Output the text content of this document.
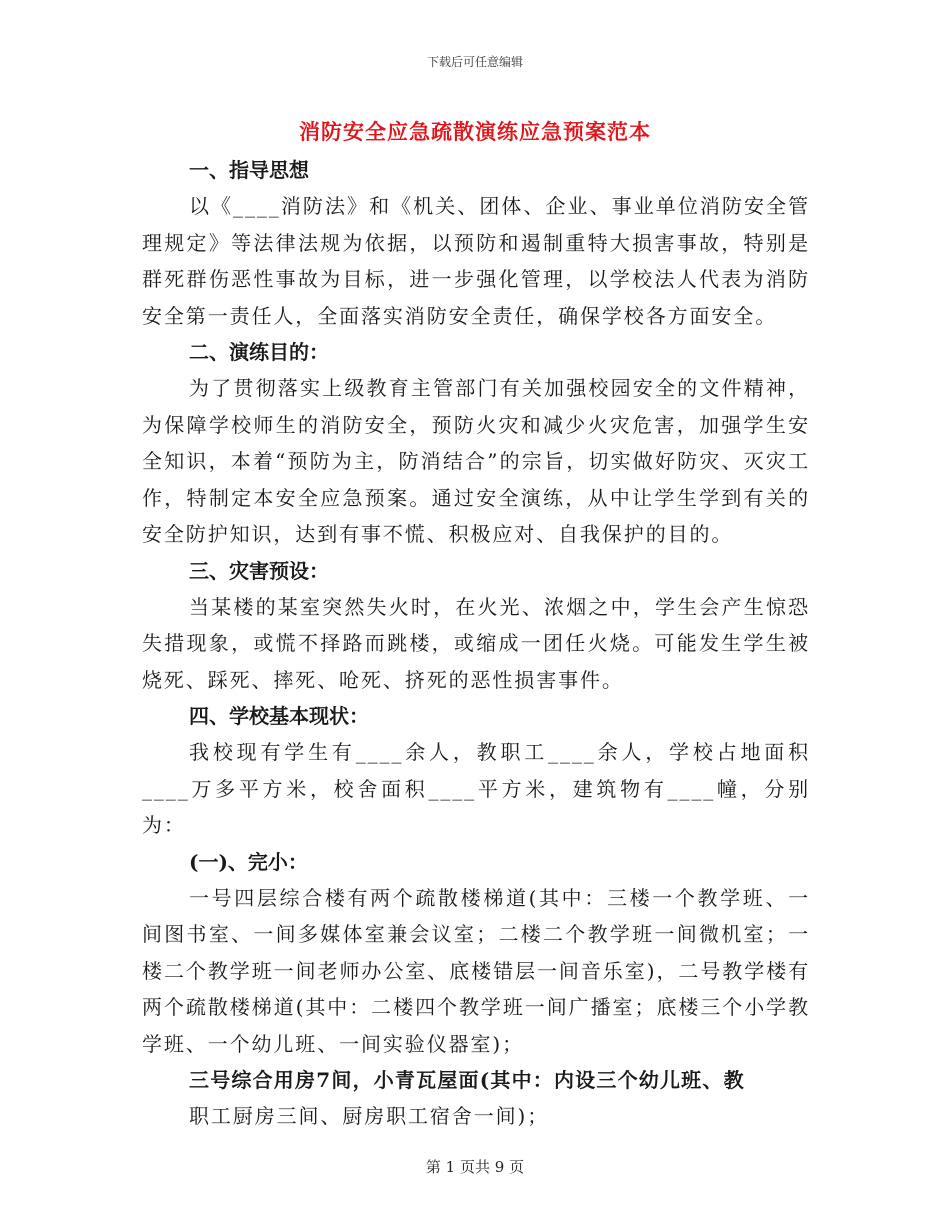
下载后可任意编辑
消防安全应急疏散演练应急预案范本
一、指导思想
以《____消防法》和《机关、团体、企业、事业单位消防安全管理规定》等法律法规为依据，以预防和遏制重特大损害事故，特别是群死群伤恶性事故为目标，进一步强化管理，以学校法人代表为消防安全第一责任人，全面落实消防安全责任，确保学校各方面安全。
二、演练目的：
为了贯彻落实上级教育主管部门有关加强校园安全的文件精神，为保障学校师生的消防安全，预防火灾和减少火灾危害，加强学生安全知识，本着“预防为主，防消结合”的宗旨，切实做好防灾、灭灾工作，特制定本安全应急预案。通过安全演练，从中让学生学到有关的安全防护知识，达到有事不慌、积极应对、自我保护的目的。
三、灾害预设：
当某楼的某室突然失火时，在火光、浓烟之中，学生会产生惊恐失措现象，或慌不择路而跳楼，或缩成一团任火烧。可能发生学生被烧死、踩死、摔死、呛死、挤死的恶性损害事件。
四、学校基本现状：
我校现有学生有____余人，教职工____余人，学校占地面积____万多平方米，校舍面积____平方米，建筑物有____幢，分别为：
(一)、完小：
一号四层综合楼有两个疏散楼梯道(其中：三楼一个教学班、一间图书室、一间多媒体室兼会议室；二楼二个教学班一间微机室；一楼二个教学班一间老师办公室、底楼错层一间音乐室)，二号教学楼有两个疏散楼梯道(其中：二楼四个教学班一间广播室；底楼三个小学教学班、一个幼儿班、一间实验仪器室)；
三号综合用房7间，小青瓦屋面(其中：内设三个幼儿班、教
职工厨房三间、厨房职工宿舍一间)；
第 1 页共 9 页
